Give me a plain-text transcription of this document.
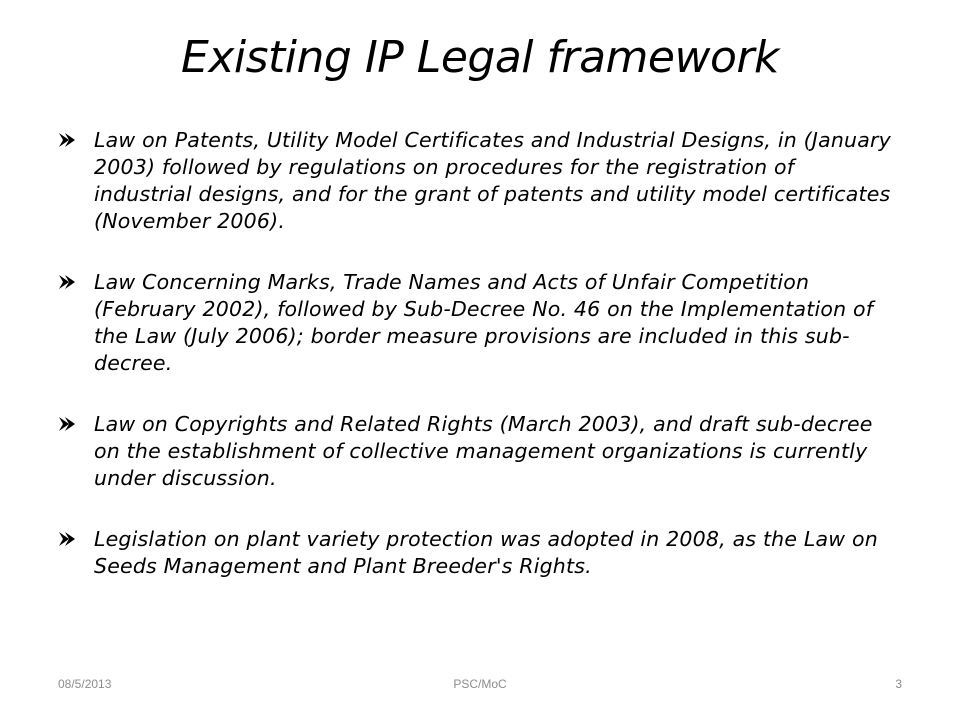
Existing IP Legal framework
Law on Patents, Utility Model Certificates and Industrial Designs, in (January 2003) followed by regulations on procedures for the registration of industrial designs, and for the grant of patents and utility model certificates (November 2006).
Law Concerning Marks, Trade Names and Acts of Unfair Competition (February 2002), followed by Sub-Decree No. 46 on the Implementation of the Law (July 2006); border measure provisions are included in this sub-decree.
Law on Copyrights and Related Rights (March 2003), and draft sub-decree on the establishment of collective management organizations is currently under discussion.
Legislation on plant variety protection was adopted in 2008, as the Law on Seeds Management and Plant Breeder's Rights.
08/5/2013	PSC/MoC	3
